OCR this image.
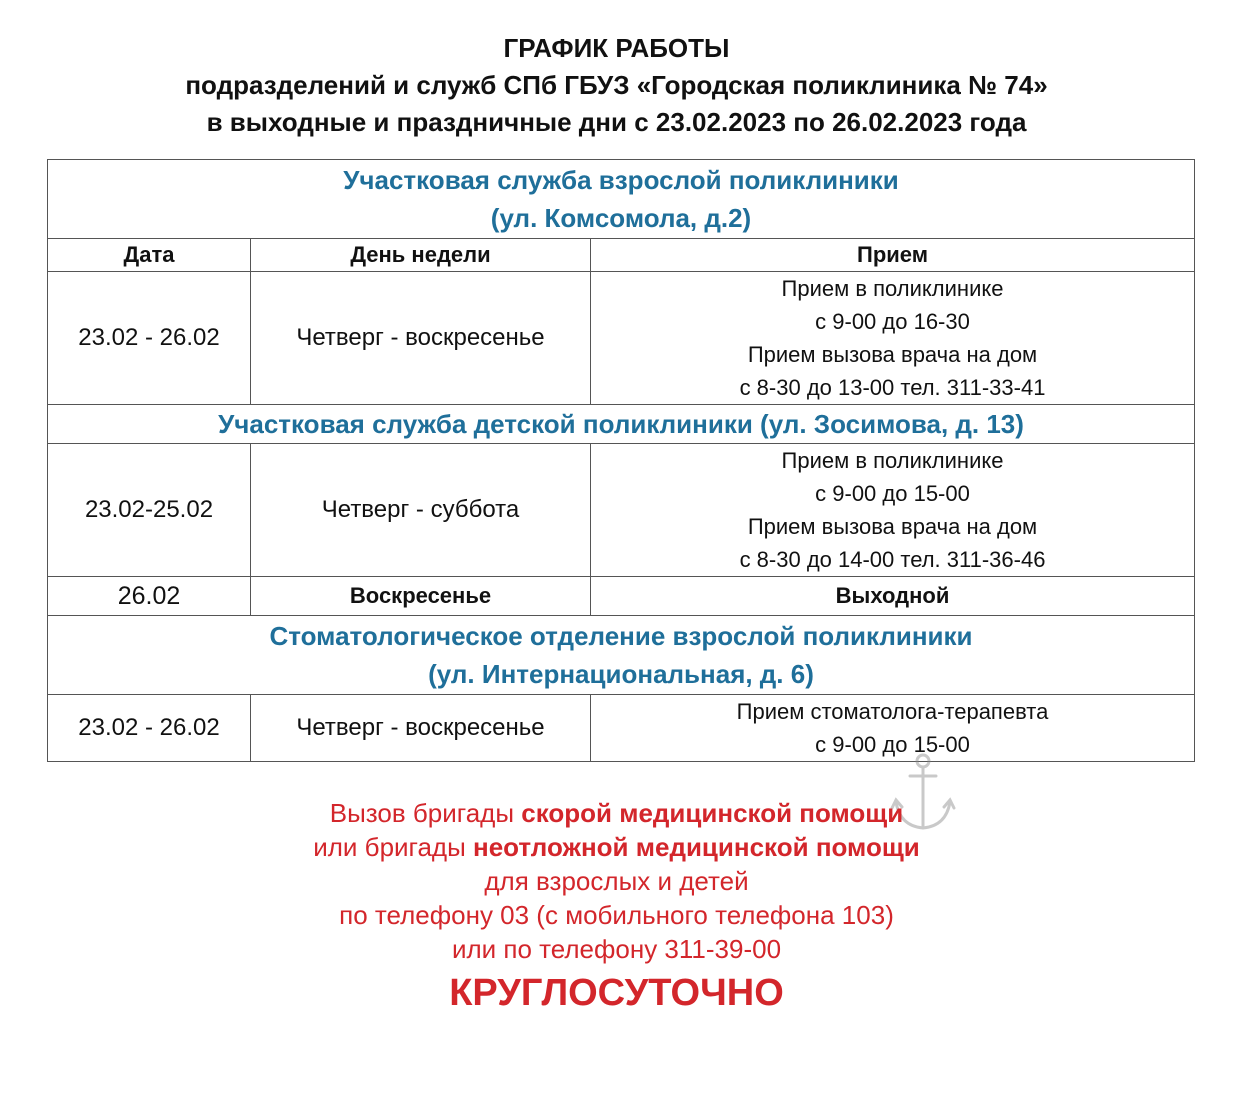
ГРАФИК РАБОТЫ
подразделений и служб СПб ГБУЗ «Городская поликлиника № 74»
в выходные и праздничные дни с 23.02.2023 по 26.02.2023 года
Участковая служба взрослой поликлиники
(ул. Комсомола, д.2)		

Дата	День недели	Прием
23.02 - 26.02	Четверг - воскресенье	Прием в поликлинике
с 9-00 до 16-30
Прием вызова врача на дом
с 8-30 до 13-00 тел. 311-33-41

Участковая служба детской поликлиники (ул. Зосимова, д. 13)		

23.02-25.02	Четверг - суббота	Прием в поликлинике
с 9-00 до 15-00
Прием вызова врача на дом
с 8-30 до 14-00 тел. 311-36-46

26.02	Воскресенье	Выходной

Стоматологическое отделение взрослой поликлиники
(ул. Интернациональная, д. 6)		

23.02 - 26.02	Четверг - воскресенье	Прием стоматолога-терапевта
с 9-00 до 15-00
Вызов бригады скорой медицинской помощи
или бригады неотложной медицинской помощи
для взрослых и детей
по телефону 03 (с мобильного телефона 103)
или по телефону 311-39-00
КРУГЛОСУТОЧНО
